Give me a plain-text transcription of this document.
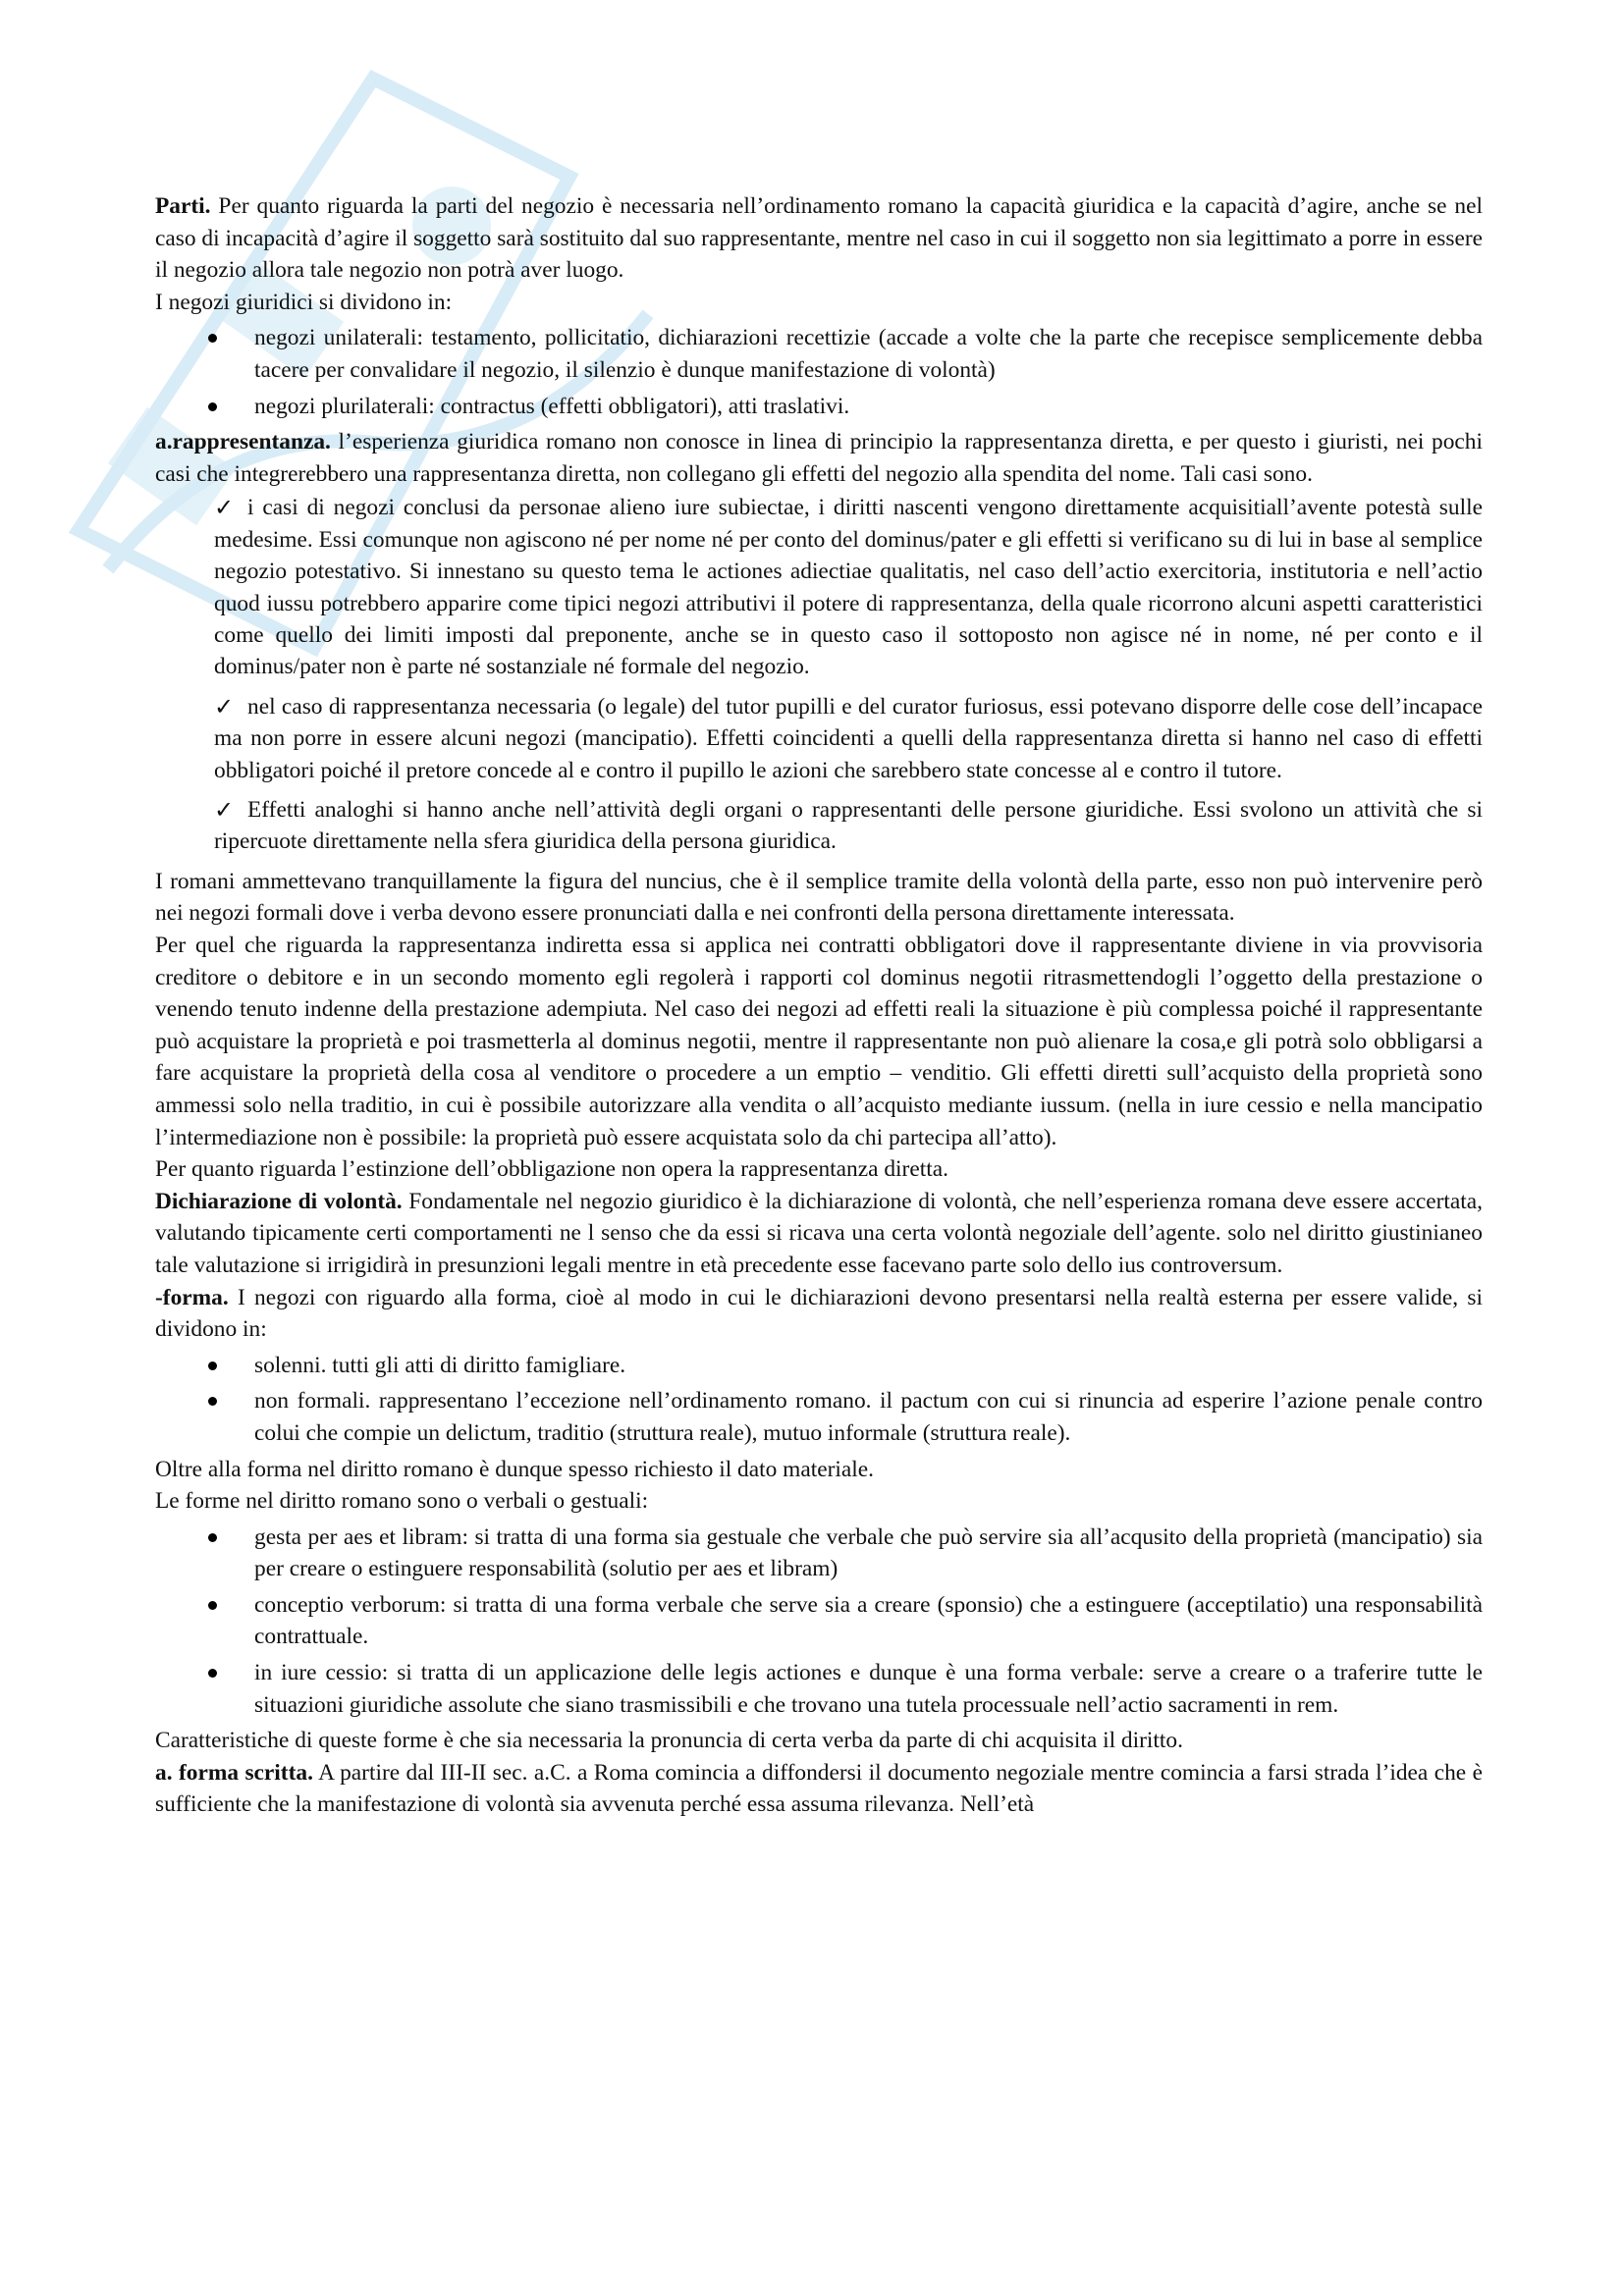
Parti. Per quanto riguarda la parti del negozio è necessaria nell’ordinamento romano la capacità giuridica e la capacità d’agire, anche se nel caso di incapacità d’agire il soggetto sarà sostituito dal suo rappresentante, mentre nel caso in cui il soggetto non sia legittimato a porre in essere il negozio allora tale negozio non potrà aver luogo.

I negozi giuridici si dividono in:

negozi unilaterali: testamento, pollicitatio, dichiarazioni recettizie (accade a volte che la parte che recepisce semplicemente debba tacere per convalidare il negozio, il silenzio è dunque manifestazione di volontà)
negozi plurilaterali: contractus (effetti obbligatori), atti traslativi.

a.rappresentanza. l’esperienza giuridica romano non conosce in linea di principio la rappresentanza diretta, e per questo i giuristi, nei pochi casi che integrerebbero una rappresentanza diretta, non collegano gli effetti del negozio alla spendita del nome. Tali casi sono.

✓ i casi di negozi conclusi da personae alieno iure subiectae, i diritti nascenti vengono direttamente acquisitiall’avente potestà sulle medesime. Essi comunque non agiscono né per nome né per conto del dominus/pater e gli effetti si verificano su di lui in base al semplice negozio potestativo. Si innestano su questo tema le actiones adiectiae qualitatis, nel caso dell’actio exercitoria, institutoria e nell’actio quod iussu potrebbero apparire come tipici negozi attributivi il potere di rappresentanza, della quale ricorrono alcuni aspetti caratteristici come quello dei limiti imposti dal preponente, anche se in questo caso il sottoposto non agisce né in nome, né per conto e il dominus/pater non è parte né sostanziale né formale del negozio.
✓ nel caso di rappresentanza necessaria (o legale) del tutor pupilli e del curator furiosus, essi potevano disporre delle cose dell’incapace ma non porre in essere alcuni negozi (mancipatio). Effetti coincidenti a quelli della rappresentanza diretta si hanno nel caso di effetti obbligatori poiché il pretore concede al e contro il pupillo le azioni che sarebbero state concesse al e contro il tutore.
✓ Effetti analoghi si hanno anche nell’attività degli organi o rappresentanti delle persone giuridiche. Essi svolono un attività che si ripercuote direttamente nella sfera giuridica della persona giuridica.

I romani ammettevano tranquillamente la figura del nuncius, che è il semplice tramite della volontà della parte, esso non può intervenire però nei negozi formali dove i verba devono essere pronunciati dalla e nei confronti della persona direttamente interessata.

Per quel che riguarda la rappresentanza indiretta essa si applica nei contratti obbligatori dove il rappresentante diviene in via provvisoria creditore o debitore e in un secondo momento egli regolerà i rapporti col dominus negotii ritrasmettendogli l’oggetto della prestazione o venendo tenuto indenne della prestazione adempiuta. Nel caso dei negozi ad effetti reali la situazione è più complessa poiché il rappresentante può acquistare la proprietà e poi trasmetterla al dominus negotii, mentre il rappresentante non può alienare la cosa,e gli potrà solo obbligarsi a fare acquistare la proprietà della cosa al venditore o procedere a un emptio – venditio. Gli effetti diretti sull’acquisto della proprietà sono ammessi solo nella traditio, in cui è possibile autorizzare alla vendita o all’acquisto mediante iussum. (nella in iure cessio e nella mancipatio l’intermediazione non è possibile: la proprietà può essere acquistata solo da chi partecipa all’atto).

Per quanto riguarda l’estinzione dell’obbligazione non opera la rappresentanza diretta.

Dichiarazione di volontà. Fondamentale nel negozio giuridico è la dichiarazione di volontà, che nell’esperienza romana deve essere accertata, valutando tipicamente certi comportamenti ne l senso che da essi si ricava una certa volontà negoziale dell’agente. solo nel diritto giustinianeo tale valutazione si irrigidirà in presunzioni legali mentre in età precedente esse facevano parte solo dello ius controversum.

-forma. I negozi con riguardo alla forma, cioè al modo in cui le dichiarazioni devono presentarsi nella realtà esterna per essere valide, si dividono in:

solenni. tutti gli atti di diritto famigliare.
non formali. rappresentano l’eccezione nell’ordinamento romano. il pactum con cui si rinuncia ad esperire l’azione penale contro colui che compie un delictum, traditio (struttura reale), mutuo informale (struttura reale).

Oltre alla forma nel diritto romano è dunque spesso richiesto il dato materiale.

Le forme nel diritto romano sono o verbali o gestuali:

gesta per aes et libram: si tratta di una forma sia gestuale che verbale che può servire sia all’acqusito della proprietà (mancipatio) sia per creare o estinguere responsabilità (solutio per aes et libram)
conceptio verborum: si tratta di una forma verbale che serve sia a creare (sponsio) che a estinguere (acceptilatio) una responsabilità contrattuale.
in iure cessio: si tratta di un applicazione delle legis actiones e dunque è una forma verbale: serve a creare o a traferire tutte le situazioni giuridiche assolute che siano trasmissibili e che trovano una tutela processuale nell’actio sacramenti in rem.

Caratteristiche di queste forme è che sia necessaria la pronuncia di certa verba da parte di chi acquisita il diritto.

a. forma scritta. A partire dal III-II sec. a.C. a Roma comincia a diffondersi il documento negoziale mentre comincia a farsi strada l’idea che è sufficiente che la manifestazione di volontà sia avvenuta perché essa assuma rilevanza. Nell’età
